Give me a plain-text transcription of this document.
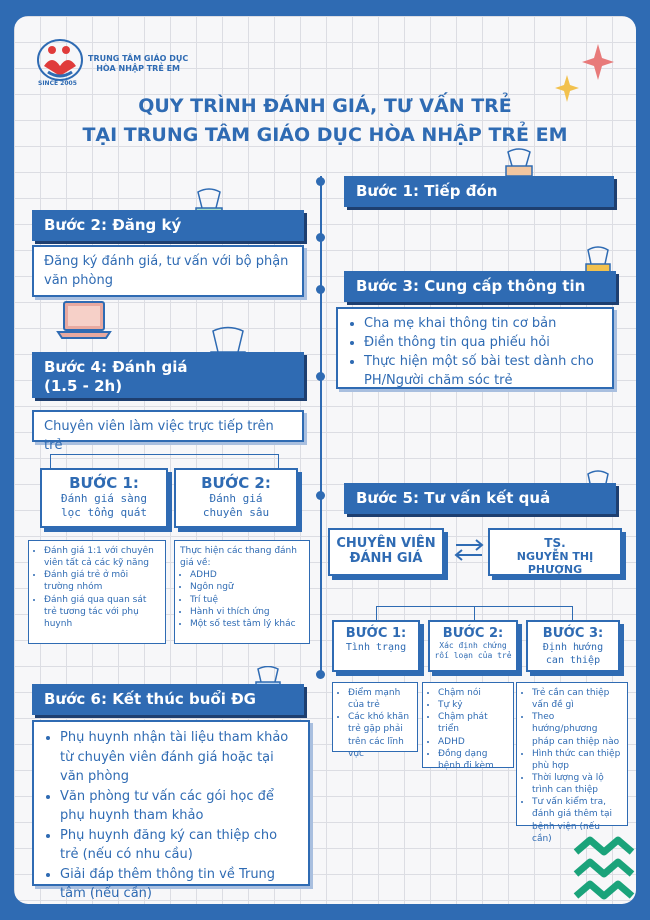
TRUNG TÂM GIÁO DỤC
HÒA NHẬP TRẺ EM
SINCE 2005
QUY TRÌNH ĐÁNH GIÁ, TƯ VẤN TRẺ
TẠI TRUNG TÂM GIÁO DỤC HÒA NHẬP TRẺ EM
Bước 1: Tiếp đón
Bước 2: Đăng ký
Đăng ký đánh giá, tư vấn với bộ phận văn phòng	Bước 3: Cung cấp thông tin
• Cha mẹ khai thông tin cơ bản
• Điền thông tin qua phiếu hỏi
• Thực hiện một số bài test dành cho PH/Người chăm sóc trẻ
Bước 4: Đánh giá
(1.5 - 2h)
Chuyên viên làm việc trực tiếp trên trẻ
BƯỚC 1:
Đánh giá sàng
lọc tổng quát
BƯỚC 2:
Đánh giá
chuyên sâu
• Đánh giá 1:1 với chuyên viên tất cả các kỹ năng
• Đánh giá trẻ ở môi trường nhóm
• Đánh giá qua quan sát trẻ tương tác với phụ huynh
Thực hiện các thang đánh giá về:
• ADHD
• Ngôn ngữ
• Trí tuệ
• Hành vi thích ứng
• Một số test tâm lý khác
Bước 5: Tư vấn kết quả
CHUYÊN VIÊN
ĐÁNH GIÁ
TS.
NGUYỄN THỊ PHƯỢNG
BƯỚC 1:
Tình trạng
BƯỚC 2:
Xác định chứng
rối loạn của trẻ
BƯỚC 3:
Định hướng
can thiệp
• Điểm mạnh của trẻ
• Các khó khăn trẻ gặp phải trên các lĩnh vực
• Chậm nói
• Tự kỷ
• Chậm phát triển
• ADHD
• Đồng dạng bệnh đi kèm
• Trẻ cần can thiệp vấn đề gì
• Theo hướng/phương pháp can thiệp nào
• Hình thức can thiệp phù hợp
• Thời lượng và lộ trình can thiệp
• Tư vấn kiểm tra, đánh giá thêm tại bệnh viện (nếu cần)
Bước 6: Kết thúc buổi ĐG
• Phụ huynh nhận tài liệu tham khảo từ chuyên viên đánh giá hoặc tại văn phòng
• Văn phòng tư vấn các gói học để phụ huynh tham khảo
• Phụ huynh đăng ký can thiệp cho trẻ (nếu có nhu cầu)
• Giải đáp thêm thông tin về Trung tâm (nếu cần)
